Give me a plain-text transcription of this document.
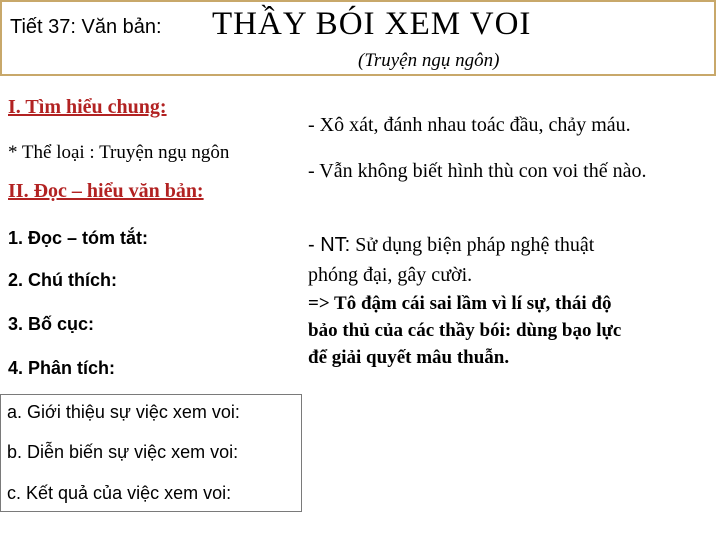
Tiết 37: Văn bản: THẦY BÓI XEM VOI
(Truyện ngụ ngôn)
I. Tìm hiểu chung:
* Thể loại : Truyện ngụ ngôn
II. Đọc – hiểu văn bản:
1. Đọc – tóm tắt:
2. Chú thích:
3. Bố cục:
4. Phân tích:
a. Giới thiệu sự việc xem voi:
b. Diễn biến sự việc xem voi:
c. Kết quả của việc xem voi:
- Xô xát, đánh nhau toác đầu, chảy máu.
- Vẫn không biết hình thù con voi thế nào.
- NT: Sử dụng biện pháp nghệ thuật
phóng đại, gây cười.
=> Tô đậm cái sai lầm vì lí sự, thái độ
bảo thủ của các thầy bói: dùng bạo lực
để giải quyết mâu thuẫn.
